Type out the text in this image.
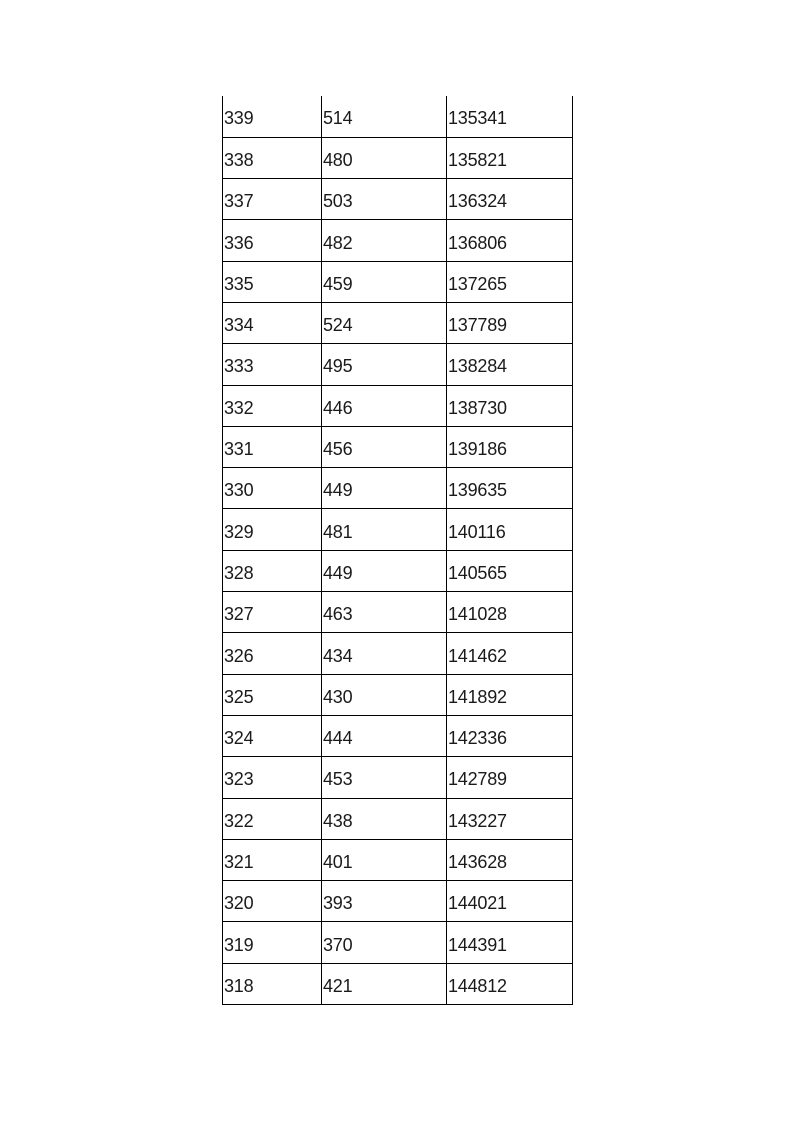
339	514	135341
338	480	135821
337	503	136324
336	482	136806
335	459	137265
334	524	137789
333	495	138284
332	446	138730
331	456	139186
330	449	139635
329	481	140116
328	449	140565
327	463	141028
326	434	141462
325	430	141892
324	444	142336
323	453	142789
322	438	143227
321	401	143628
320	393	144021
319	370	144391
318	421	144812
